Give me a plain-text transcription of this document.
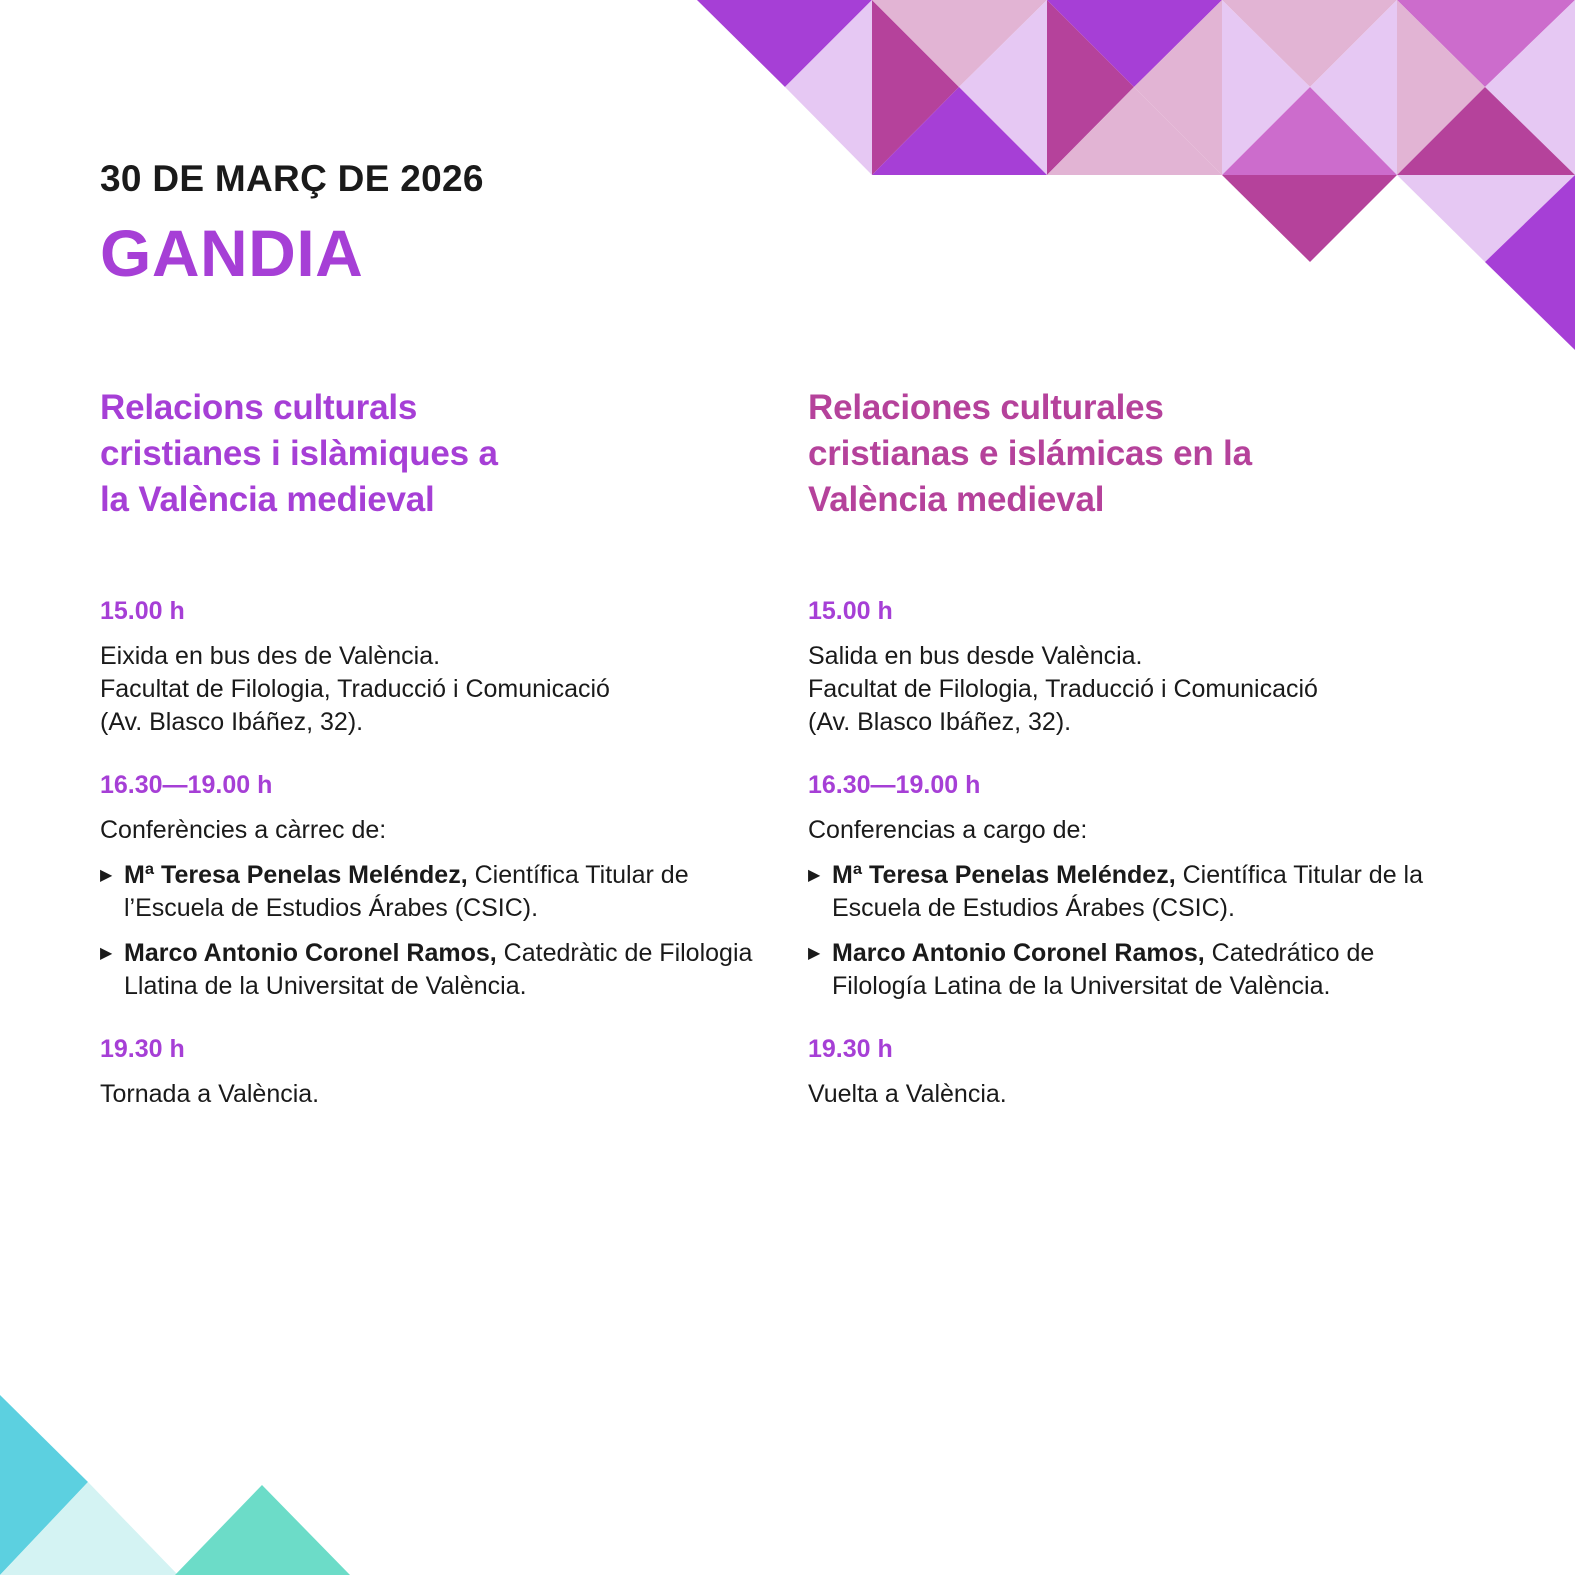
30 DE MARÇ DE 2026
GANDIA
Relacions culturals
cristianes i islàmiques a
la València medieval
15.00 h
Eixida en bus des de València.
Facultat de Filologia, Traducció i Comunicació
(Av. Blasco Ibáñez, 32).
16.30—19.00 h
Conferències a càrrec de:
▶ Mª Teresa Penelas Meléndez, Científica Titular de l’Escuela de Estudios Árabes (CSIC).
▶ Marco Antonio Coronel Ramos, Catedràtic de Filologia Llatina de la Universitat de València.
19.30 h
Tornada a València.
Relaciones culturales
cristianas e islámicas en la
València medieval
15.00 h
Salida en bus desde València.
Facultat de Filologia, Traducció i Comunicació
(Av. Blasco Ibáñez, 32).
16.30—19.00 h
Conferencias a cargo de:
▶ Mª Teresa Penelas Meléndez, Científica Titular de la Escuela de Estudios Árabes (CSIC).
▶ Marco Antonio Coronel Ramos, Catedrático de Filología Latina de la Universitat de València.
19.30 h
Vuelta a València.
